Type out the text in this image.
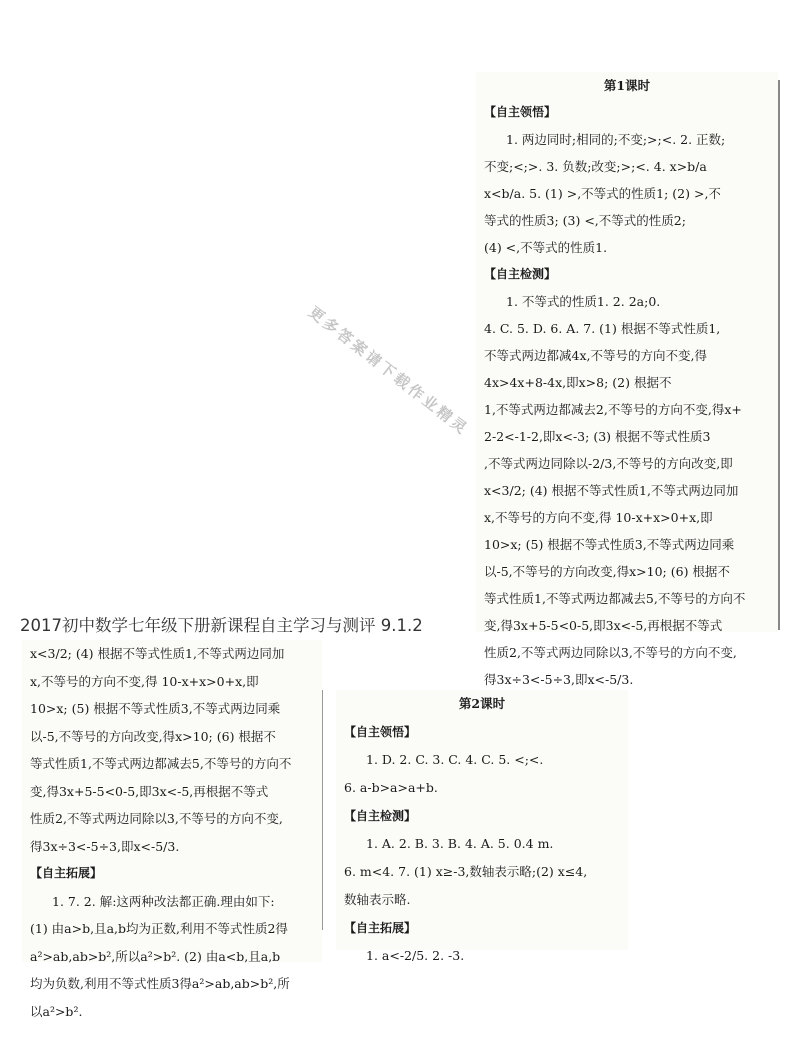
第1课时
【自主领悟】
1. 两边同时;相同的;不变;>;<. 2. 正数;
不变;<;>. 3. 负数;改变;>;<. 4. x>b/a
x<b/a. 5. (1) >,不等式的性质1; (2) >,不
等式的性质3; (3) <,不等式的性质2;
(4) <,不等式的性质1.
【自主检测】
1. 不等式的性质1. 2. 2a;0.
4. C. 5. D. 6. A. 7. (1) 根据不等式性质1,
不等式两边都减4x,不等号的方向不变,得
4x>4x+8-4x,即x>8; (2) 根据不
1,不等式两边都减去2,不等号的方向不变,得x+
2-2<-1-2,即x<-3; (3) 根据不等式性质3
,不等式两边同除以-2/3,不等号的方向改变,即
x<3/2; (4) 根据不等式性质1,不等式两边同加
x,不等号的方向不变,得 10-x+x>0+x,即
10>x; (5) 根据不等式性质3,不等式两边同乘
以-5,不等号的方向改变,得x>10; (6) 根据不
等式性质1,不等式两边都减去5,不等号的方向不
变,得3x+5-5<0-5,即3x<-5,再根据不等式
性质2,不等式两边同除以3,不等号的方向不变,
得3x÷3<-5÷3,即x<-5/3.
2017初中数学七年级下册新课程自主学习与测评 9.1.2
x<3/2; (4) 根据不等式性质1,不等式两边同加
x,不等号的方向不变,得 10-x+x>0+x,即
10>x; (5) 根据不等式性质3,不等式两边同乘
以-5,不等号的方向改变,得x>10; (6) 根据不
等式性质1,不等式两边都减去5,不等号的方向不
变,得3x+5-5<0-5,即3x<-5,再根据不等式
性质2,不等式两边同除以3,不等号的方向不变,
得3x÷3<-5÷3,即x<-5/3.
【自主拓展】
1. 7. 2. 解:这两种改法都正确.理由如下:
(1) 由a>b,且a,b均为正数,利用不等式性质2得
a²>ab,ab>b²,所以a²>b². (2) 由a<b,且a,b
均为负数,利用不等式性质3得a²>ab,ab>b²,所
以a²>b².
第2课时
【自主领悟】
1. D. 2. C. 3. C. 4. C. 5. <;<.
6. a-b>a>a+b.
【自主检测】
1. A. 2. B. 3. B. 4. A. 5. 0.4 m.
6. m<4. 7. (1) x≥-3,数轴表示略;(2) x≤4,
数轴表示略.
【自主拓展】
1. a<-2/5. 2. -3.
更多答案请下载作业精灵
